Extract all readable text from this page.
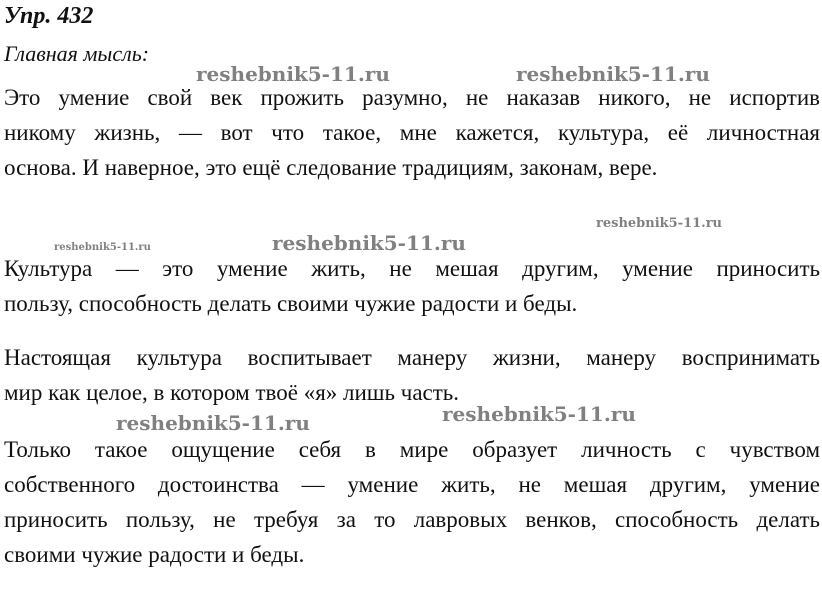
Упр. 432
Главная мысль:
Это умение свой век прожить разумно, не наказав никого, не испортив
никому жизнь, — вот что такое, мне кажется, культура, её личностная
основа. И наверное, это ещё следование традициям, законам, вере.
Культура — это умение жить, не мешая другим, умение приносить
пользу, способность делать своими чужие радости и беды.
Настоящая культура воспитывает манеру жизни, манеру воспринимать
мир как целое, в котором твоё «я» лишь часть.
Только такое ощущение себя в мире образует личность с чувством
собственного достоинства — умение жить, не мешая другим, умение
приносить пользу, не требуя за то лавровых венков, способность делать
своими чужие радости и беды.
reshebnik5-11.ru	reshebnik5-11.ru
reshebnik5-11.ru
reshebnik5-11.ru	reshebnik5-11.ru
reshebnik5-11.ru
reshebnik5-11.ru
